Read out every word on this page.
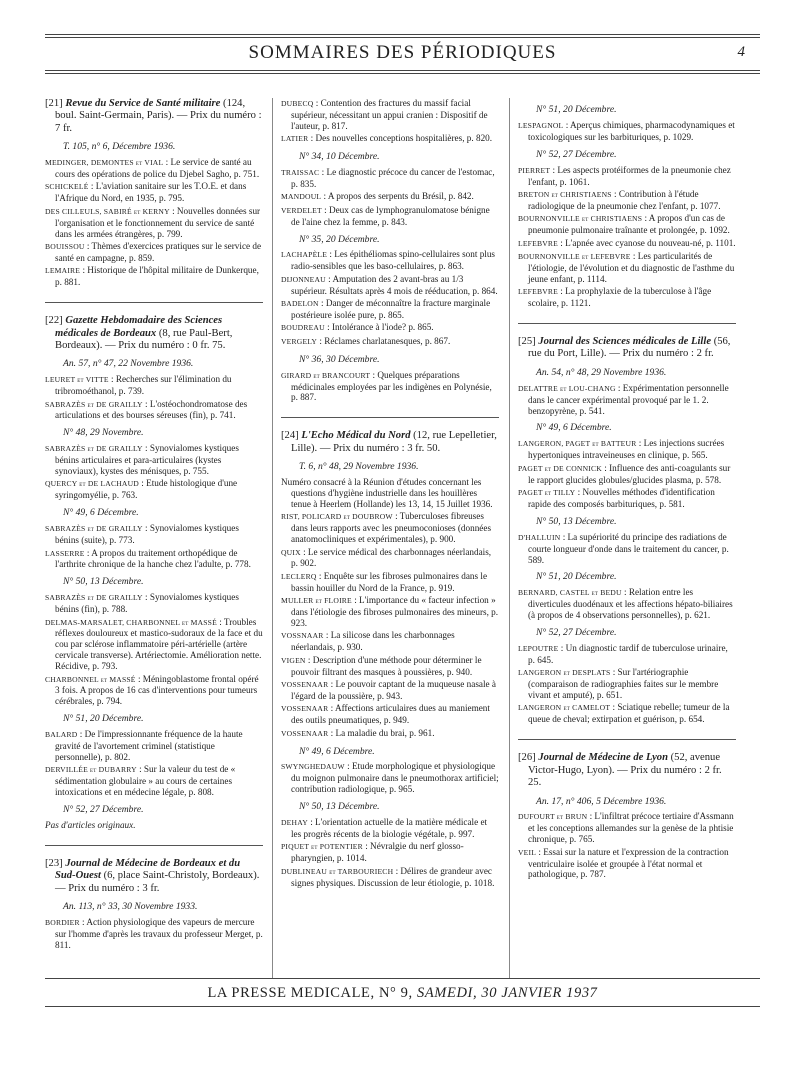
SOMMAIRES DES PÉRIODIQUES	4
[21] Revue du Service de Santé militaire (124, boul. Saint-Germain, Paris). — Prix du numéro : 7 fr.
T. 105, n° 6, Décembre 1936.
MEDINGER, DEMONTES et VIAL : Le service de santé au cours des opérations de police du Djebel Sagho, p. 751.
SCHICKELÉ : L'aviation sanitaire sur les T.O.E. et dans l'Afrique du Nord, en 1935, p. 795.
DES CILLEULS, SABIRÉ et KERNY : Nouvelles données sur l'organisation et le fonctionnement du service de santé dans les armées étrangères, p. 799.
BOUISSOU : Thèmes d'exercices pratiques sur le service de santé en campagne, p. 859.
LEMAIRE : Historique de l'hôpital militaire de Dunkerque, p. 881.
[22] Gazette Hebdomadaire des Sciences médicales de Bordeaux (8, rue Paul-Bert, Bordeaux). — Prix du numéro : 0 fr. 75.
An. 57, n° 47, 22 Novembre 1936.
LEURET et VITTE : Recherches sur l'élimination du tribromoéthanol, p. 739.
SABRAZÈS et DE GRAILLY : L'ostéochondromatose des articulations et des bourses séreuses (fin), p. 741.
N° 48, 29 Novembre.
SABRAZÈS et DE GRAILLY : Synovialomes kystiques bénins articulaires et para-articulaires (kystes synoviaux), kystes des ménisques, p. 755.
QUERCY et DE LACHAUD : Etude histologique d'une syringomyélie, p. 763.
N° 49, 6 Décembre.
SABRAZÈS et DE GRAILLY : Synovialomes kystiques bénins (suite), p. 773.
LASSERRE : A propos du traitement orthopédique de l'arthrite chronique de la hanche chez l'adulte, p. 778.
N° 50, 13 Décembre.
SABRAZÈS et DE GRAILLY : Synovialomes kystiques bénins (fin), p. 788.
DELMAS-MARSALET, CHARBONNEL et MASSÉ : Troubles réflexes douloureux et mastico-sudoraux de la face et du cou par sclérose inflammatoire péri-artérielle (artère cervicale transverse). Artériectomie. Amélioration nette. Récidive, p. 793.
CHARBONNEL et MASSÉ : Méningoblastome frontal opéré 3 fois. A propos de 16 cas d'interventions pour tumeurs cérébrales, p. 794.
N° 51, 20 Décembre.
BALARD : De l'impressionnante fréquence de la haute gravité de l'avortement criminel (statistique personnelle), p. 802.
DERVILLÉE et DUBARRY : Sur la valeur du test de « sédimentation globulaire » au cours de certaines intoxications et en médecine légale, p. 808.
N° 52, 27 Décembre.
Pas d'articles originaux.
[23] Journal de Médecine de Bordeaux et du Sud-Ouest (6, place Saint-Christoly, Bordeaux). — Prix du numéro : 3 fr.
An. 113, n° 33, 30 Novembre 1933.
BORDIER : Action physiologique des vapeurs de mercure sur l'homme d'après les travaux du professeur Merget, p. 811.
DUBECQ : Contention des fractures du massif facial supérieur, nécessitant un appui cranien : Dispositif de l'auteur, p. 817.
LATIER : Des nouvelles conceptions hospitalières, p. 820.
N° 34, 10 Décembre.
TRAISSAC : Le diagnostic précoce du cancer de l'estomac, p. 835.
MANDOUL : A propos des serpents du Brésil, p. 842.
VERDELET : Deux cas de lymphogranulomatose bénigne de l'aine chez la femme, p. 843.
N° 35, 20 Décembre.
LACHAPÈLE : Les épithéliomas spino-cellulaires sont plus radio-sensibles que les baso-cellulaires, p. 863.
DIJONNEAU : Amputation des 2 avant-bras au 1/3 supérieur. Résultats après 4 mois de rééducation, p. 864.
BADELON : Danger de méconnaître la fracture marginale postérieure isolée pure, p. 865.
BOUDREAU : Intolérance à l'iode? p. 865.
VERGELY : Réclames charlatanesques, p. 867.
N° 36, 30 Décembre.
GIRARD et BRANCOURT : Quelques préparations médicinales employées par les indigènes en Polynésie, p. 887.
[24] L'Echo Médical du Nord (12, rue Lepelletier, Lille). — Prix du numéro : 3 fr. 50.
T. 6, n° 48, 29 Novembre 1936.
Numéro consacré à la Réunion d'études concernant les questions d'hygiène industrielle dans les houillères tenue à Heerlem (Hollande) les 13, 14, 15 Juillet 1936.
RIST, POLICARD et DOUBROW : Tuberculoses fibreuses dans leurs rapports avec les pneumoconioses (données anatomocliniques et expérimentales), p. 900.
QUIX : Le service médical des charbonnages néerlandais, p. 902.
LECLERQ : Enquête sur les fibroses pulmonaires dans le bassin houiller du Nord de la France, p. 919.
MULLER et FLOIRE : L'importance du « facteur infection » dans l'étiologie des fibroses pulmonaires des mineurs, p. 923.
VOSSNAAR : La silicose dans les charbonnages néerlandais, p. 930.
VIGEN : Description d'une méthode pour déterminer le pouvoir filtrant des masques à poussières, p. 940.
VOSSENAAR : Le pouvoir captant de la muqueuse nasale à l'égard de la poussière, p. 943.
VOSSENAAR : Affections articulaires dues au maniement des outils pneumatiques, p. 949.
VOSSENAAR : La maladie du brai, p. 961.
N° 49, 6 Décembre.
SWYNGHEDAUW : Etude morphologique et physiologique du moignon pulmonaire dans le pneumothorax artificiel; contribution radiologique, p. 965.
N° 50, 13 Décembre.
DEHAY : L'orientation actuelle de la matière médicale et les progrès récents de la biologie végétale, p. 997.
PIQUET et POTENTIER : Névralgie du nerf glosso-pharyngien, p. 1014.
DUBLINEAU et TARBOURIECH : Délires de grandeur avec signes physiques. Discussion de leur étiologie, p. 1018.
N° 51, 20 Décembre.
LESPAGNOL : Aperçus chimiques, pharmacodynamiques et toxicologiques sur les barbituriques, p. 1029.
N° 52, 27 Décembre.
PIERRET : Les aspects protéiformes de la pneumonie chez l'enfant, p. 1061.
BRETON et CHRISTIAENS : Contribution à l'étude radiologique de la pneumonie chez l'enfant, p. 1077.
BOURNONVILLE et CHRISTIAENS : A propos d'un cas de pneumonie pulmonaire traînante et prolongée, p. 1092.
LEFEBVRE : L'apnée avec cyanose du nouveau-né, p. 1101.
BOURNONVILLE et LEFEBVRE : Les particularités de l'étiologie, de l'évolution et du diagnostic de l'asthme du jeune enfant, p. 1114.
LEFEBVRE : La prophylaxie de la tuberculose à l'âge scolaire, p. 1121.
[25] Journal des Sciences médicales de Lille (56, rue du Port, Lille). — Prix du numéro : 2 fr.
An. 54, n° 48, 29 Novembre 1936.
DELATTRE et LOU-CHANG : Expérimentation personnelle dans le cancer expérimental provoqué par le 1. 2. benzopyrène, p. 541.
N° 49, 6 Décembre.
LANGERON, PAGET et BATTEUR : Les injections sucrées hypertoniques intraveineuses en clinique, p. 565.
PAGET et DE CONNICK : Influence des anti-coagulants sur le rapport glucides globules/glucides plasma, p. 578.
PAGET et TILLY : Nouvelles méthodes d'identification rapide des composés barbituriques, p. 581.
N° 50, 13 Décembre.
D'HALLUIN : La supériorité du principe des radiations de courte longueur d'onde dans le traitement du cancer, p. 589.
N° 51, 20 Décembre.
BERNARD, CASTEL et BEDU : Relation entre les diverticules duodénaux et les affections hépato-biliaires (à propos de 4 observations personnelles), p. 621.
N° 52, 27 Décembre.
LEPOUTRE : Un diagnostic tardif de tuberculose urinaire, p. 645.
LANGERON et DESPLATS : Sur l'artériographie (comparaison de radiographies faites sur le membre vivant et amputé), p. 651.
LANGERON et CAMELOT : Sciatique rebelle; tumeur de la queue de cheval; extirpation et guérison, p. 654.
[26] Journal de Médecine de Lyon (52, avenue Victor-Hugo, Lyon). — Prix du numéro : 2 fr. 25.
An. 17, n° 406, 5 Décembre 1936.
DUFOURT et BRUN : L'infiltrat précoce tertiaire d'Assmann et les conceptions allemandes sur la genèse de la phtisie chronique, p. 765.
VEIL : Essai sur la nature et l'expression de la contraction ventriculaire isolée et groupée à l'état normal et pathologique, p. 787.
LA PRESSE MEDICALE, N° 9, SAMEDI, 30 JANVIER 1937
